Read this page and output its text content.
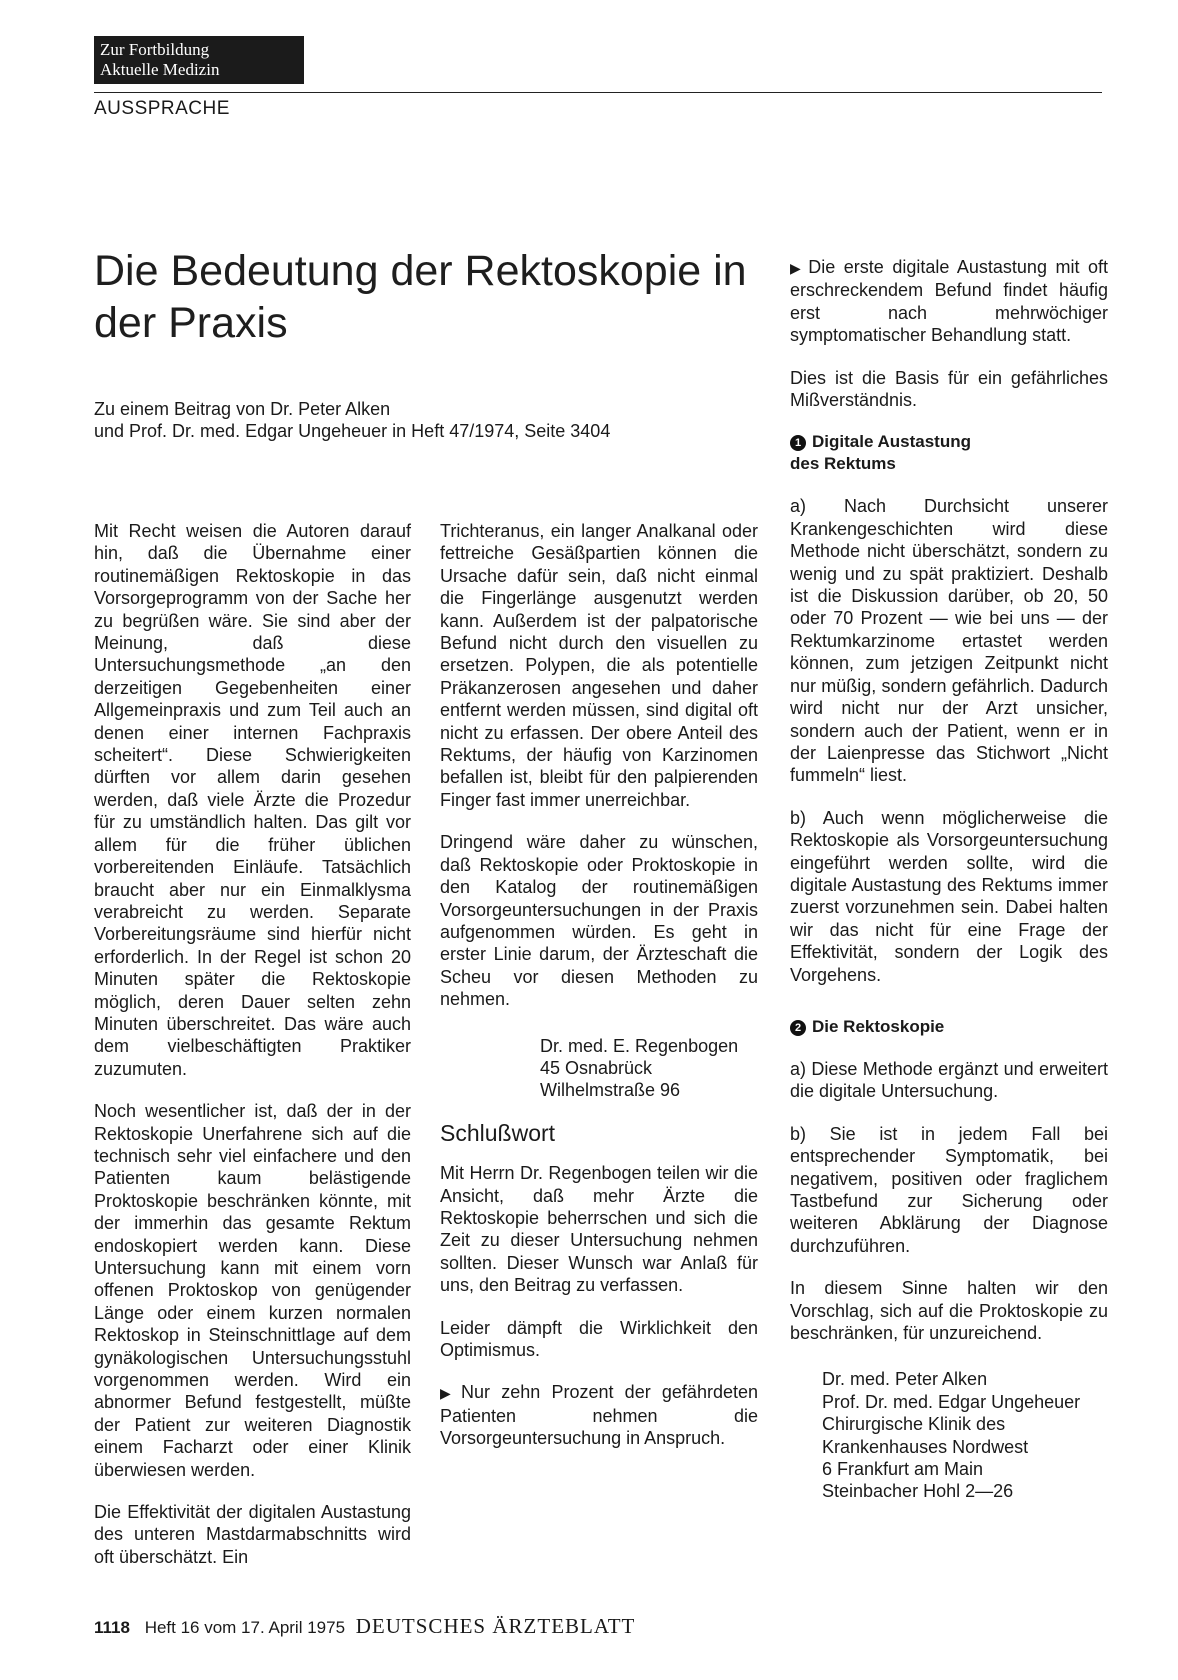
Zur Fortbildung
Aktuelle Medizin
AUSSPRACHE
Die Bedeutung der Rektoskopie in der Praxis
Zu einem Beitrag von Dr. Peter Alken
und Prof. Dr. med. Edgar Ungeheuer in Heft 47/1974, Seite 3404

Mit Recht weisen die Autoren darauf hin, daß die Übernahme einer routinemäßigen Rektoskopie in das Vorsorgeprogramm von der Sache her zu begrüßen wäre. Sie sind aber der Meinung, daß diese Untersuchungsmethode „an den derzeitigen Gegebenheiten einer Allgemeinpraxis und zum Teil auch an denen einer internen Fachpraxis scheitert“. Diese Schwierigkeiten dürften vor allem darin gesehen werden, daß viele Ärzte die Prozedur für zu umständlich halten. Das gilt vor allem für die früher üblichen vorbereitenden Einläufe. Tatsächlich braucht aber nur ein Einmalklysma verabreicht zu werden. Separate Vorbereitungsräume sind hierfür nicht erforderlich. In der Regel ist schon 20 Minuten später die Rektoskopie möglich, deren Dauer selten zehn Minuten überschreitet. Das wäre auch dem vielbeschäftigten Praktiker zuzumuten.

Noch wesentlicher ist, daß der in der Rektoskopie Unerfahrene sich auf die technisch sehr viel einfachere und den Patienten kaum belästigende Proktoskopie beschränken könnte, mit der immerhin das gesamte Rektum endoskopiert werden kann. Diese Untersuchung kann mit einem vorn offenen Proktoskop von genügender Länge oder einem kurzen normalen Rektoskop in Steinschnittlage auf dem gynäkologischen Untersuchungsstuhl vorgenommen werden. Wird ein abnormer Befund festgestellt, müßte der Patient zur weiteren Diagnostik einem Facharzt oder einer Klinik überwiesen werden.

Die Effektivität der digitalen Austastung des unteren Mastdarmabschnitts wird oft überschätzt. Ein

Trichteranus, ein langer Analkanal oder fettreiche Gesäßpartien können die Ursache dafür sein, daß nicht einmal die Fingerlänge ausgenutzt werden kann. Außerdem ist der palpatorische Befund nicht durch den visuellen zu ersetzen. Polypen, die als potentielle Präkanzerosen angesehen und daher entfernt werden müssen, sind digital oft nicht zu erfassen. Der obere Anteil des Rektums, der häufig von Karzinomen befallen ist, bleibt für den palpierenden Finger fast immer unerreichbar.

Dringend wäre daher zu wünschen, daß Rektoskopie oder Proktoskopie in den Katalog der routinemäßigen Vorsorgeuntersuchungen in der Praxis aufgenommen würden. Es geht in erster Linie darum, der Ärzteschaft die Scheu vor diesen Methoden zu nehmen.

Dr. med. E. Regenbogen
45 Osnabrück
Wilhelmstraße 96
Schlußwort

Mit Herrn Dr. Regenbogen teilen wir die Ansicht, daß mehr Ärzte die Rektoskopie beherrschen und sich die Zeit zu dieser Untersuchung nehmen sollten. Dieser Wunsch war Anlaß für uns, den Beitrag zu verfassen.

Leider dämpft die Wirklichkeit den Optimismus.

▶ Nur zehn Prozent der gefährdeten Patienten nehmen die Vorsorgeuntersuchung in Anspruch.

▶ Die erste digitale Austastung mit oft erschreckendem Befund findet häufig erst nach mehrwöchiger symptomatischer Behandlung statt.

Dies ist die Basis für ein gefährliches Mißverständnis.

1 Digitale Austastung
des Rektums

a) Nach Durchsicht unserer Krankengeschichten wird diese Methode nicht überschätzt, sondern zu wenig und zu spät praktiziert. Deshalb ist die Diskussion darüber, ob 20, 50 oder 70 Prozent — wie bei uns — der Rektumkarzinome ertastet werden können, zum jetzigen Zeitpunkt nicht nur müßig, sondern gefährlich. Dadurch wird nicht nur der Arzt unsicher, sondern auch der Patient, wenn er in der Laienpresse das Stichwort „Nicht fummeln“ liest.

b) Auch wenn möglicherweise die Rektoskopie als Vorsorgeuntersuchung eingeführt werden sollte, wird die digitale Austastung des Rektums immer zuerst vorzunehmen sein. Dabei halten wir das nicht für eine Frage der Effektivität, sondern der Logik des Vorgehens.

2 Die Rektoskopie

a) Diese Methode ergänzt und erweitert die digitale Untersuchung.

b) Sie ist in jedem Fall bei entsprechender Symptomatik, bei negativem, positiven oder fraglichem Tastbefund zur Sicherung oder weiteren Abklärung der Diagnose durchzuführen.

In diesem Sinne halten wir den Vorschlag, sich auf die Proktoskopie zu beschränken, für unzureichend.

Dr. med. Peter Alken
Prof. Dr. med. Edgar Ungeheuer
Chirurgische Klinik des
Krankenhauses Nordwest
6 Frankfurt am Main
Steinbacher Hohl 2—26
1118 Heft 16 vom 17. April 1975 DEUTSCHES ÄRZTEBLATT
